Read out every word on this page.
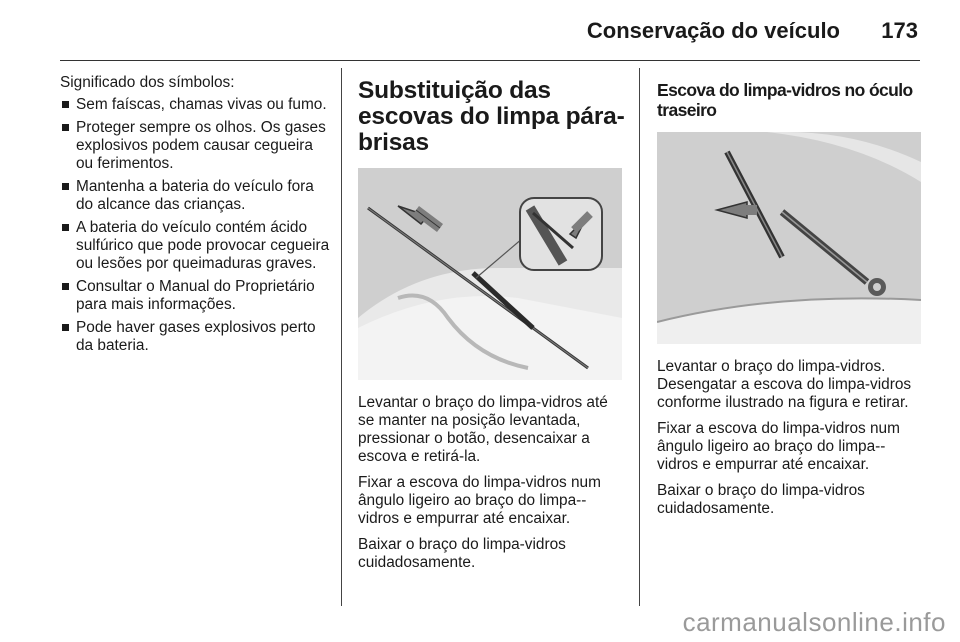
Conservação do veículo 173

Significado dos símbolos:

Sem faíscas, chamas vivas ou fumo.
Proteger sempre os olhos. Os gases explosivos podem causar cegueira ou ferimentos.
Mantenha a bateria do veículo fora do alcance das crianças.
A bateria do veículo contém ácido sulfúrico que pode provocar cegueira ou lesões por queimaduras graves.
Consultar o Manual do Proprietário para mais informações.
Pode haver gases explosivos perto da bateria.
Substituição das escovas do limpa pára-brisas

Levantar o braço do limpa-vidros até se manter na posição levantada, pressionar o botão, desencaixar a escova e retirá-la.

Fixar a escova do limpa-vidros num ângulo ligeiro ao braço do limpa--vidros e empurrar até encaixar.

Baixar o braço do limpa-vidros cuidadosamente.

Escova do limpa-vidros no óculo traseiro

Levantar o braço do limpa-vidros. Desengatar a escova do limpa-vidros conforme ilustrado na figura e retirar.

Fixar a escova do limpa-vidros num ângulo ligeiro ao braço do limpa--vidros e empurrar até encaixar.

Baixar o braço do limpa-vidros cuidadosamente.

carmanualsonline.info
